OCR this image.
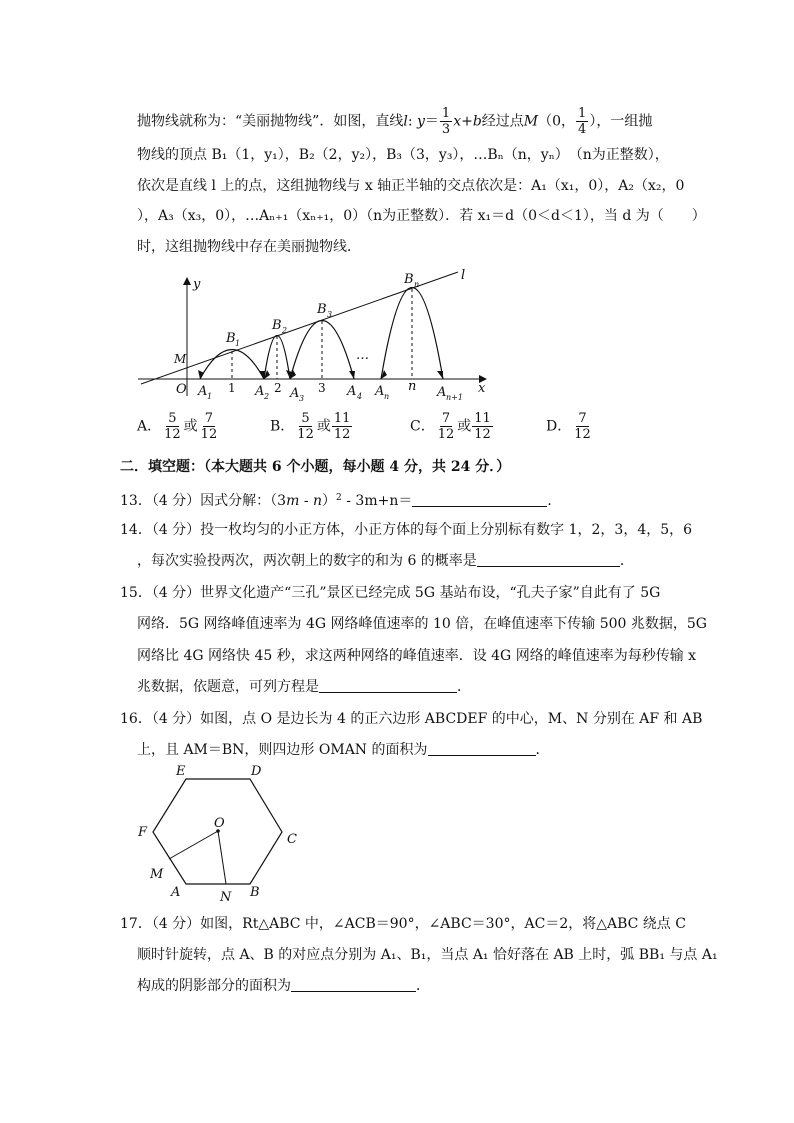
抛物线就称为：“美丽抛物线”．如图，直线l: $y= \frac{1}{3} x+b$经过点M（0， $\frac{1}{4}$ ），一组抛
物线的顶点 B₁（1，y₁），B₂（2，y₂），B₃（3，y₃），…Bₙ（n，yₙ）　（n为正整数），
依次是直线 l 上的点，这组抛物线与 x 轴正半轴的交点依次是：A₁（x₁，0），A₂（x₂，0
），A₃（x₃，0），…Aₙ₊₁（xₙ₊₁，0）（n为正整数）．若 x₁＝d（0＜d＜1），当 d 为（　　）
时，这组抛物线中存在美丽抛物线．
y
x
l
O
M	…
B 1
B 2
B 3
B n
A 1	A 2 A 3	A 4 A n	A n+1
1	2	3	n
A． $\frac{5}{12}$ 或 $\frac{7}{12}$	B． $\frac{5}{12}$ 或 $\frac{11}{12}$	C． $\frac{7}{12}$ 或 $\frac{11}{12}$	D． $\frac{7}{12}$
二．填空题：（本大题共 6 个小题，每小题 4 分，共 24 分．）
13．（4 分）因式分解：（3m - n）$^2$ - 3m+n＝	．
14．（4 分）投一枚均匀的小正方体，小正方体的每个面上分别标有数字 1，2，3，4，5，6
，每次实验投两次，两次朝上的数字的和为 6 的概率是	．
15．（4 分）世界文化遗产“三孔”景区已经完成 5G 基站布设，“孔夫子家”自此有了 5G
网络．5G 网络峰值速率为 4G 网络峰值速率的 10 倍，在峰值速率下传输 500 兆数据，5G
网络比 4G 网络快 45 秒，求这两种网络的峰值速率．设 4G 网络的峰值速率为每秒传输 x
兆数据，依题意，可列方程是	．
16．（4 分）如图，点 O 是边长为 4 的正六边形 ABCDEF 的中心，M、N 分别在 AF 和 AB
上，且 AM＝BN，则四边形 OMAN 的面积为	．
E	D
F	C
O
M
A	N B
17．（4 分）如图，Rt△ABC 中，∠ACB＝90°，∠ABC＝30°，AC＝2，将△ABC 绕点 C
顺时针旋转，点 A、B 的对应点分别为 A₁、B₁，当点 A₁ 恰好落在 AB 上时，弧 BB₁ 与点 A₁
构成的阴影部分的面积为	．
